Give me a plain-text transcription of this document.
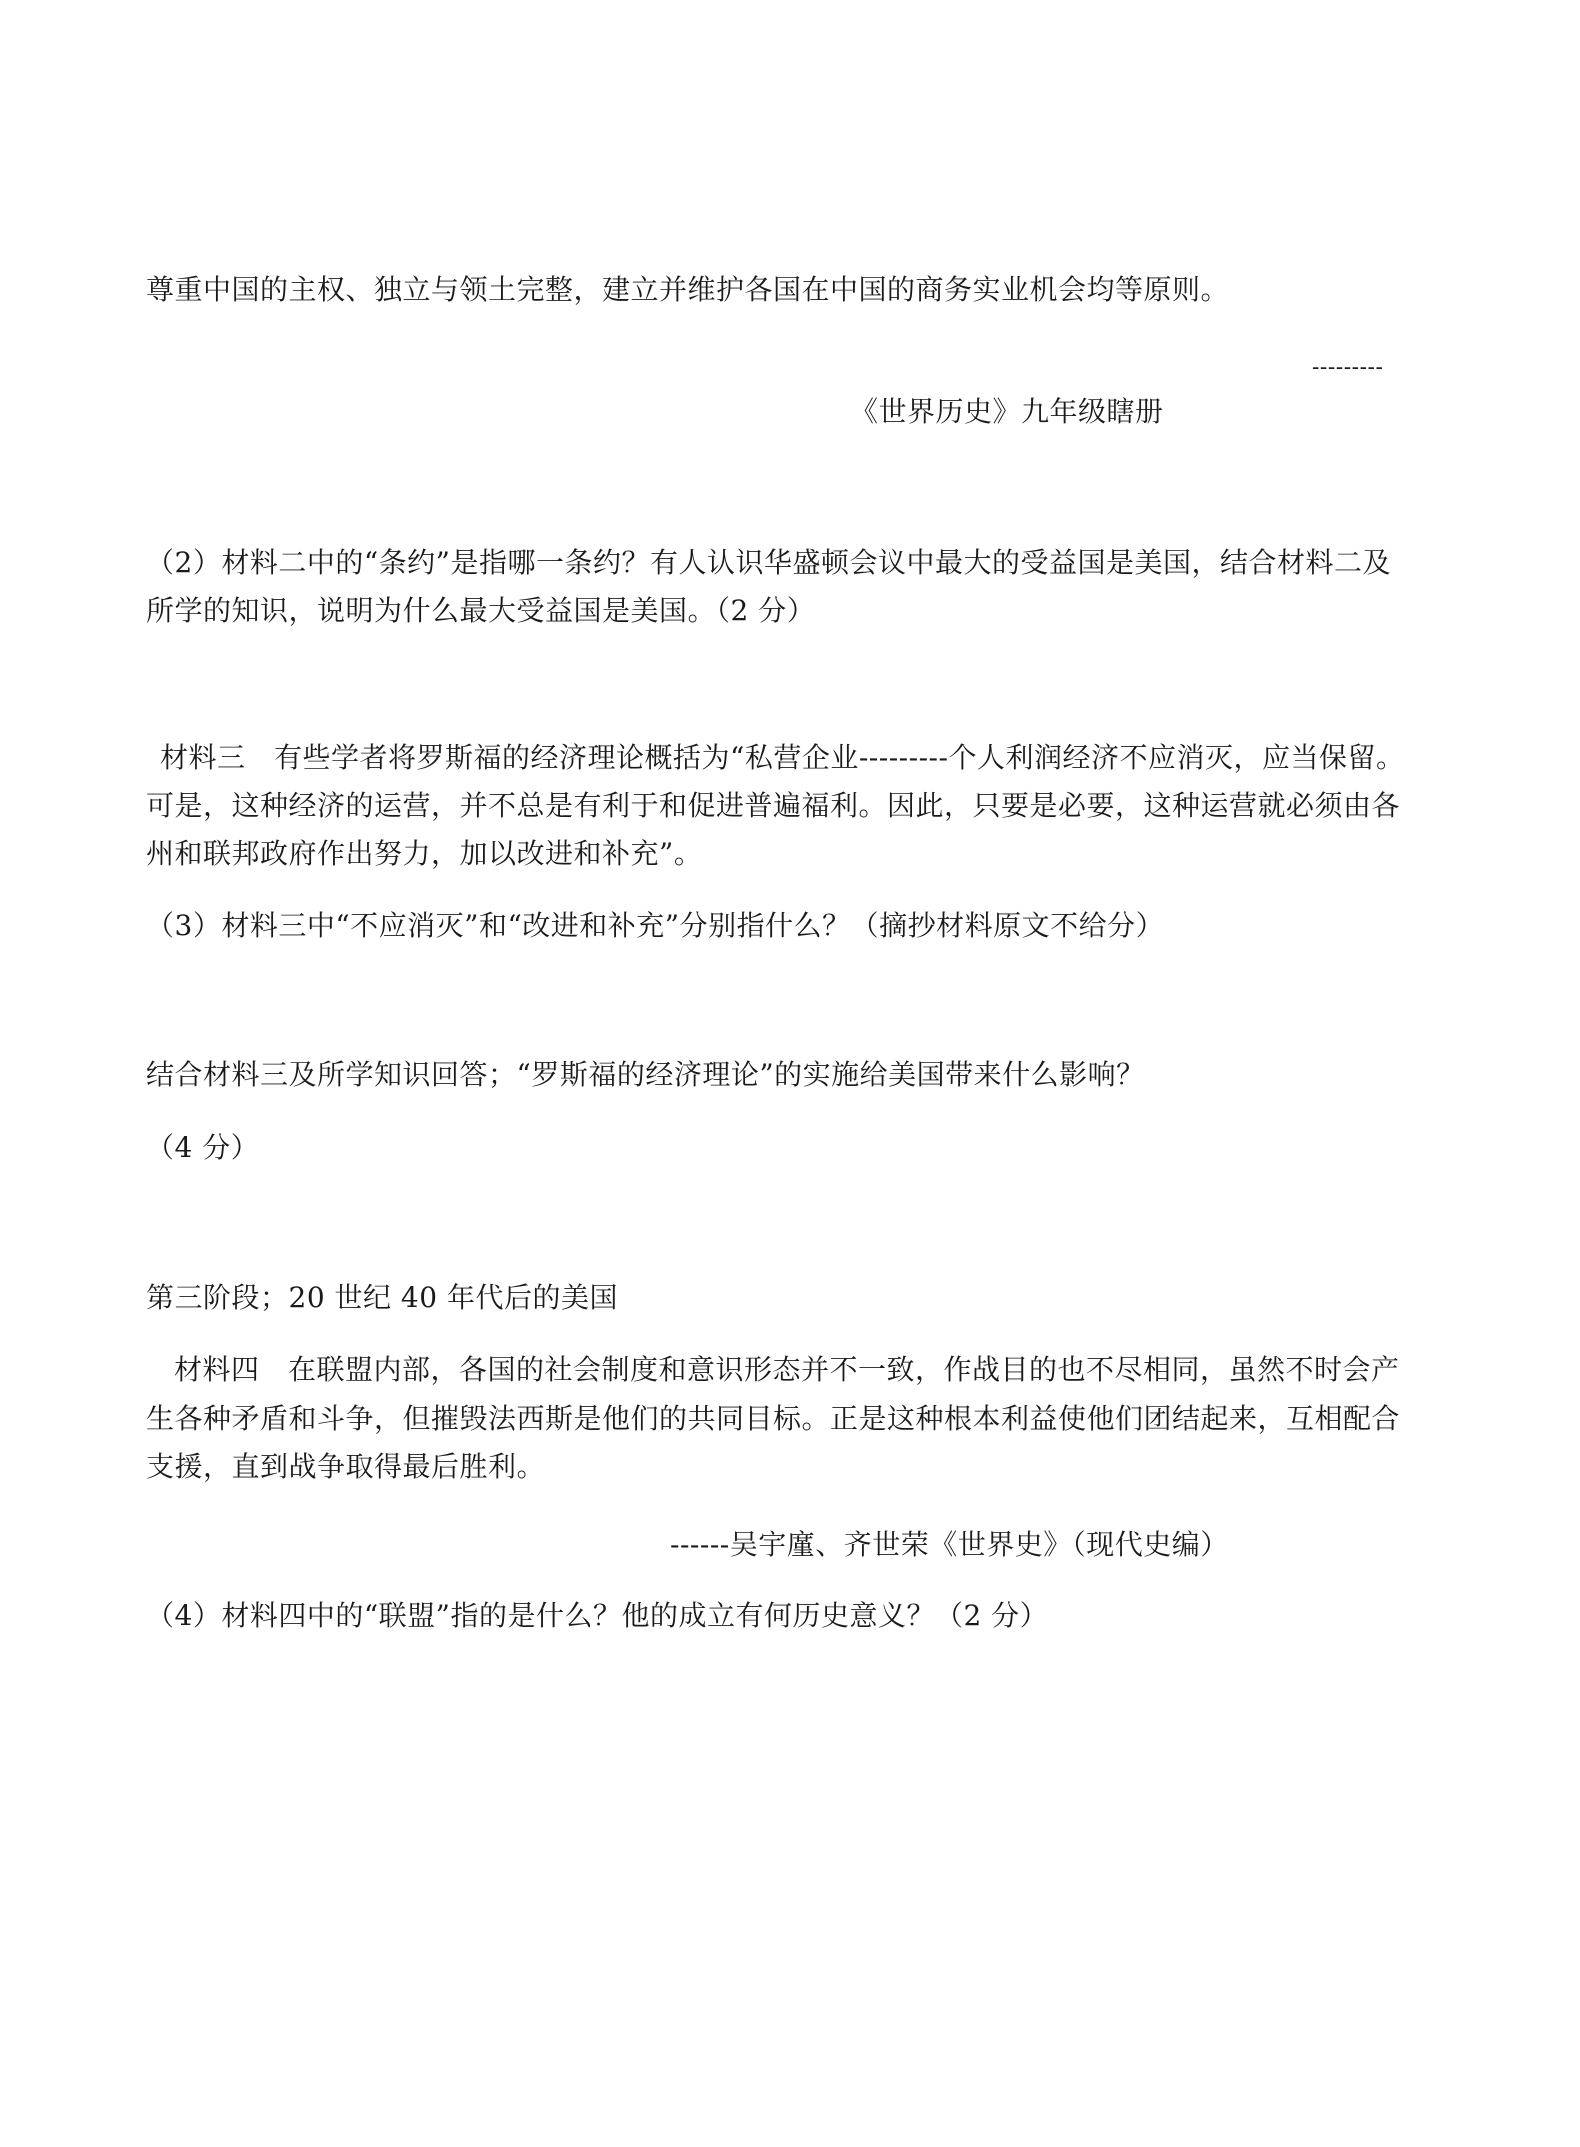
尊重中国的主权、独立与领土完整，建立并维护各国在中国的商务实业机会均等原则。
---------
《世界历史》九年级瞎册
（2）材料二中的“条约”是指哪一条约？有人认识华盛顿会议中最大的受益国是美国，结合材料二及
所学的知识，说明为什么最大受益国是美国。（2 分）
材料三　有些学者将罗斯福的经济理论概括为“私营企业---------个人利润经济不应消灭，应当保留。
可是，这种经济的运营，并不总是有利于和促进普遍福利。因此，只要是必要，这种运营就必须由各
州和联邦政府作出努力，加以改进和补充”。
（3）材料三中“不应消灭”和“改进和补充”分别指什么？（摘抄材料原文不给分）
结合材料三及所学知识回答；“罗斯福的经济理论”的实施给美国带来什么影响？
（4 分）
第三阶段；20 世纪 40 年代后的美国
材料四　在联盟内部，各国的社会制度和意识形态并不一致，作战目的也不尽相同，虽然不时会产
生各种矛盾和斗争，但摧毁法西斯是他们的共同目标。正是这种根本利益使他们团结起来，互相配合
支援，直到战争取得最后胜利。
------吴宇廑、齐世荣《世界史》（现代史编）
（4）材料四中的“联盟”指的是什么？他的成立有何历史意义？（2 分）
